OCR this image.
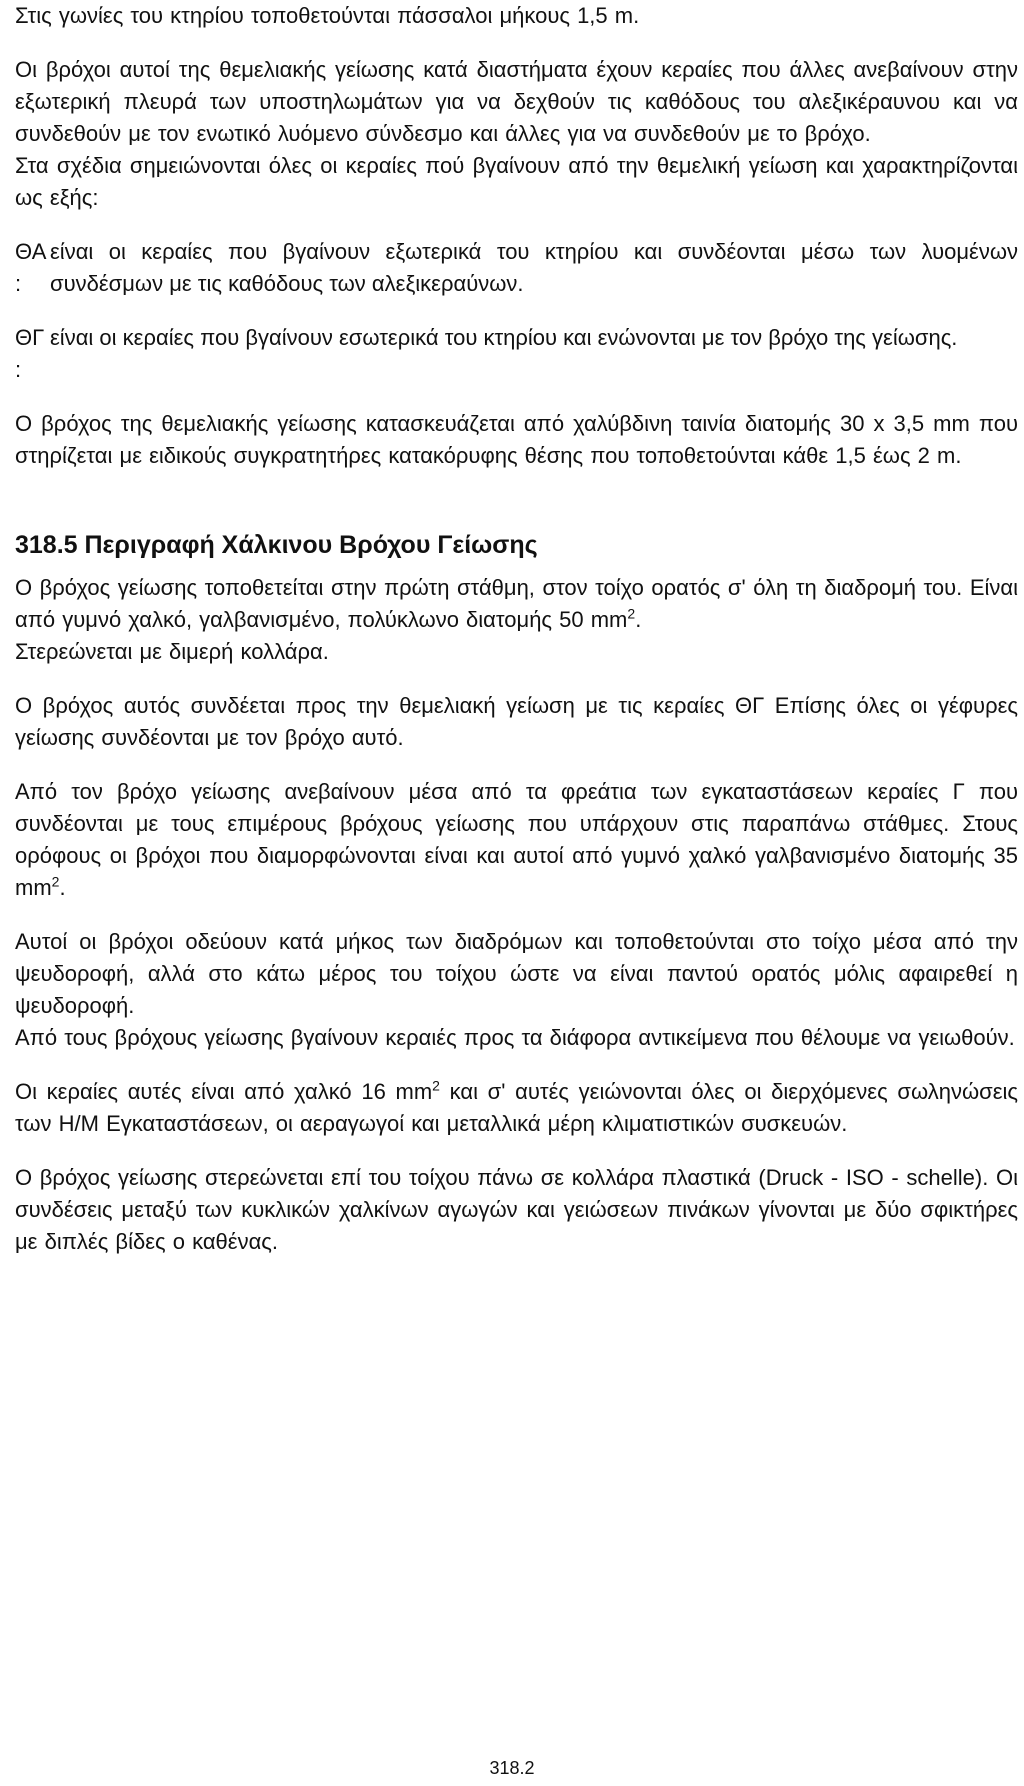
Στις γωνίες του κτηρίου τοποθετούνται πάσσαλοι μήκους 1,5 m.

Οι βρόχοι αυτοί της θεμελιακής γείωσης κατά διαστήματα έχουν κεραίες που άλλες ανεβαίνουν στην εξωτερική πλευρά των υποστηλωμάτων για να δεχθούν τις καθόδους του αλεξικέραυνου και να συνδεθούν με τον ενωτικό λυόμενο σύνδεσμο και άλλες για να συνδεθούν με το βρόχο.

Στα σχέδια σημειώνονται όλες οι κεραίες πού βγαίνουν από την θεμελική γείωση και χαρακτηρίζονται ως εξής:

ΘΑ :
είναι οι κεραίες που βγαίνουν εξωτερικά του κτηρίου και συνδέονται μέσω των λυομένων συνδέσμων με τις καθόδους των αλεξικεραύνων.
ΘΓ :
είναι οι κεραίες που βγαίνουν εσωτερικά του κτηρίου και ενώνονται με τον βρόχο της γείωσης.

Ο βρόχος της θεμελιακής γείωσης κατασκευάζεται από χαλύβδινη ταινία διατομής 30 x 3,5 mm που στηρίζεται με ειδικούς συγκρατητήρες κατακόρυφης θέσης που τοποθετούνται κάθε 1,5 έως 2 m.

318.5 Περιγραφή Χάλκινου Βρόχου Γείωσης

Ο βρόχος γείωσης τοποθετείται στην πρώτη στάθμη, στον τοίχο ορατός σ' όλη τη διαδρομή του. Είναι από γυμνό χαλκό, γαλβανισμένο, πολύκλωνο διατομής 50 $mm^2$.

Στερεώνεται με διμερή κολλάρα.

Ο βρόχος αυτός συνδέεται προς την θεμελιακή γείωση με τις κεραίες ΘΓ Επίσης όλες οι γέφυρες γείωσης συνδέονται με τον βρόχο αυτό.

Από τον βρόχο γείωσης ανεβαίνουν μέσα από τα φρεάτια των εγκαταστάσεων κεραίες Γ που συνδέονται με τους επιμέρους βρόχους γείωσης που υπάρχουν στις παραπάνω στάθμες. Στους ορόφους οι βρόχοι που διαμορφώνονται είναι και αυτοί από γυμνό χαλκό γαλβανισμένο διατομής 35 $mm^2$.

Αυτοί οι βρόχοι οδεύουν κατά μήκος των διαδρόμων και τοποθετούνται στο τοίχο μέσα από την ψευδοροφή, αλλά στο κάτω μέρος του τοίχου ώστε να είναι παντού ορατός μόλις αφαιρεθεί η ψευδοροφή.

Από τους βρόχους γείωσης βγαίνουν κεραιές προς τα διάφορα αντικείμενα που θέλουμε να γειωθούν.

Οι κεραίες αυτές είναι από χαλκό 16 $mm^2$ και σ' αυτές γειώνονται όλες οι διερχόμενες σωληνώσεις των Η/Μ Εγκαταστάσεων, οι αεραγωγοί και μεταλλικά μέρη κλιματιστικών συσκευών.

Ο βρόχος γείωσης στερεώνεται επί του τοίχου πάνω σε κολλάρα πλαστικά (Druck - ISO - schelle). Οι συνδέσεις μεταξύ των κυκλικών χαλκίνων αγωγών και γειώσεων πινάκων γίνονται με δύο σφικτήρες με διπλές βίδες ο καθένας.

318.2
